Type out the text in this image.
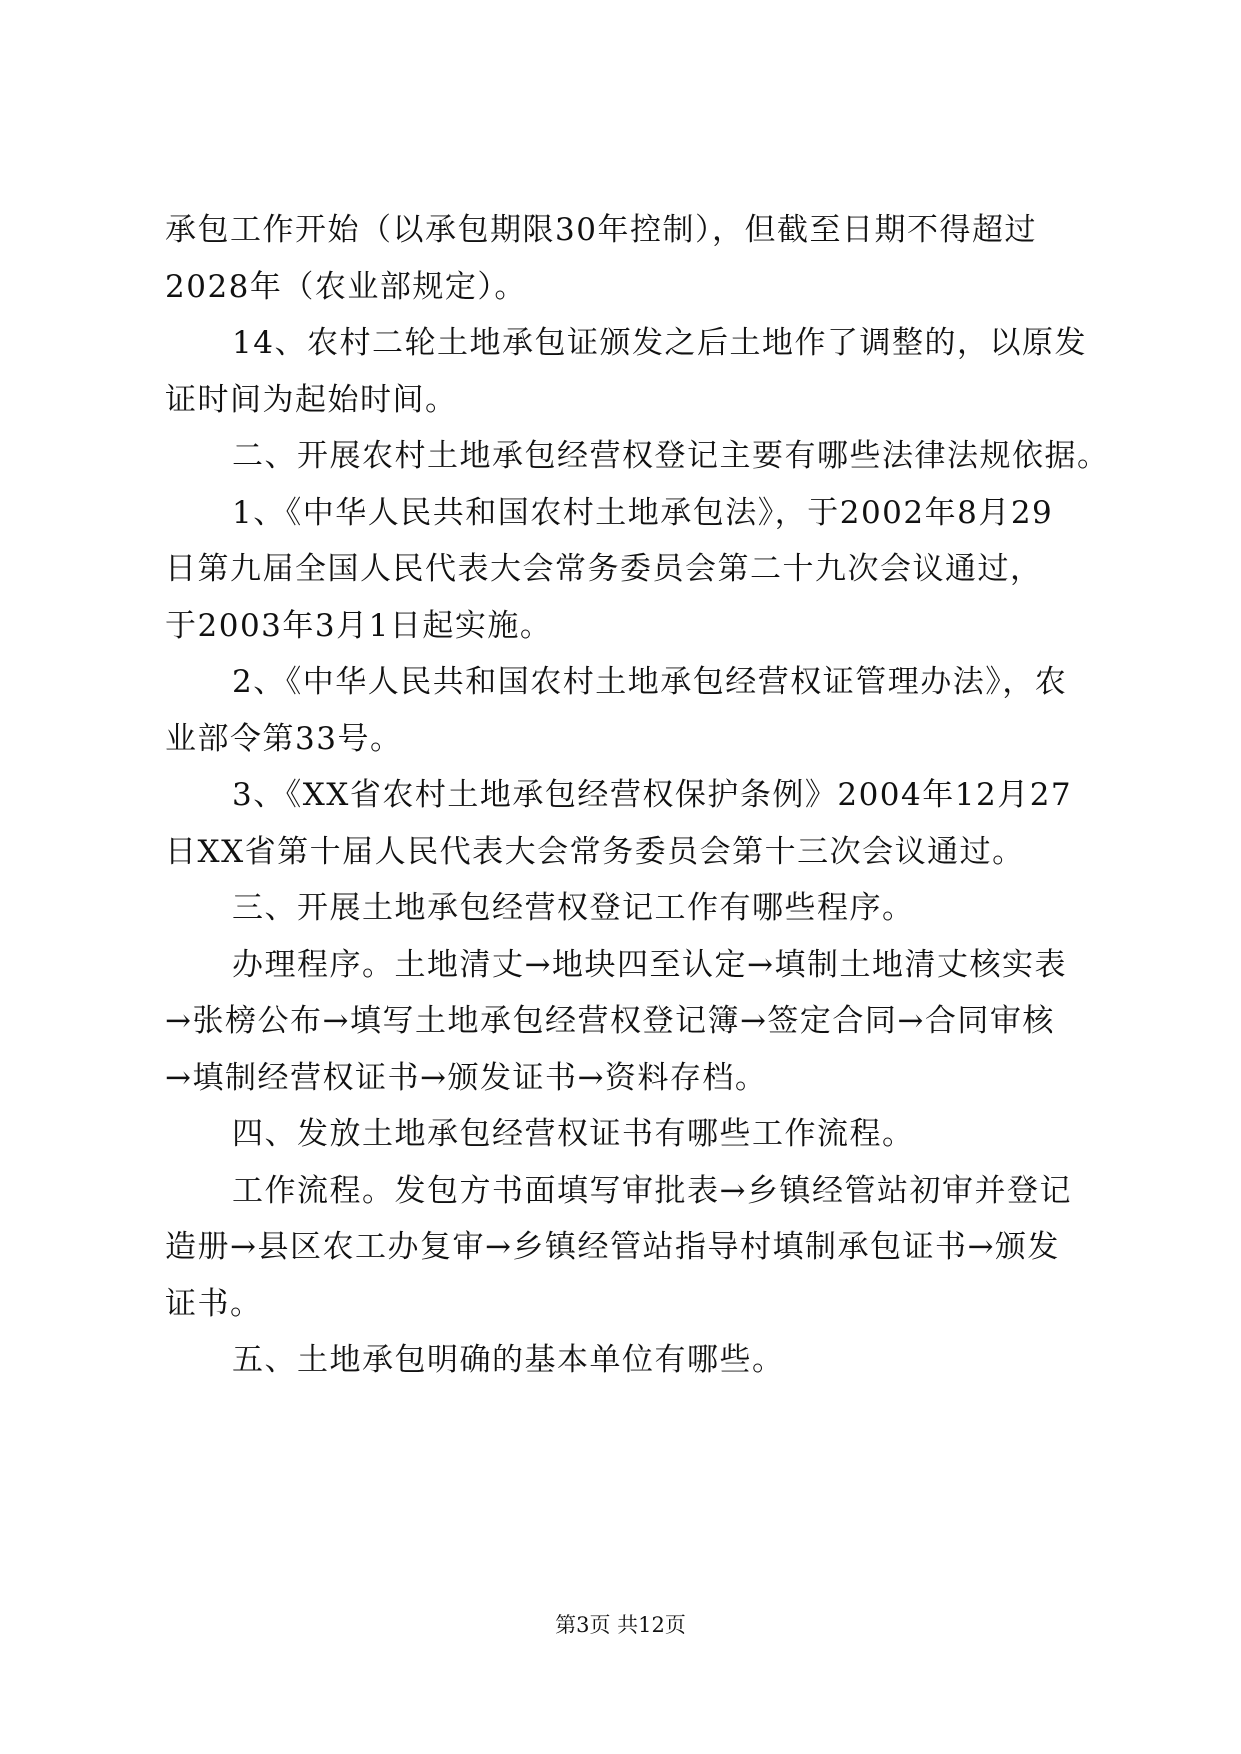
承包工作开始（以承包期限30年控制），但截至日期不得超过

2028年（农业部规定）。

14、农村二轮土地承包证颁发之后土地作了调整的，以原发

证时间为起始时间。

二、开展农村土地承包经营权登记主要有哪些法律法规依据。

1、《中华人民共和国农村土地承包法》，于2002年8月29

日第九届全国人民代表大会常务委员会第二十九次会议通过，

于2003年3月1日起实施。

2、《中华人民共和国农村土地承包经营权证管理办法》，农

业部令第33号。

3、《XX省农村土地承包经营权保护条例》2004年12月27

日XX省第十届人民代表大会常务委员会第十三次会议通过。

三、开展土地承包经营权登记工作有哪些程序。

办理程序。土地清丈→地块四至认定→填制土地清丈核实表

→张榜公布→填写土地承包经营权登记簿→签定合同→合同审核

→填制经营权证书→颁发证书→资料存档。

四、发放土地承包经营权证书有哪些工作流程。

工作流程。发包方书面填写审批表→乡镇经管站初审并登记

造册→县区农工办复审→乡镇经管站指导村填制承包证书→颁发

证书。

五、土地承包明确的基本单位有哪些。

第3页 共12页
